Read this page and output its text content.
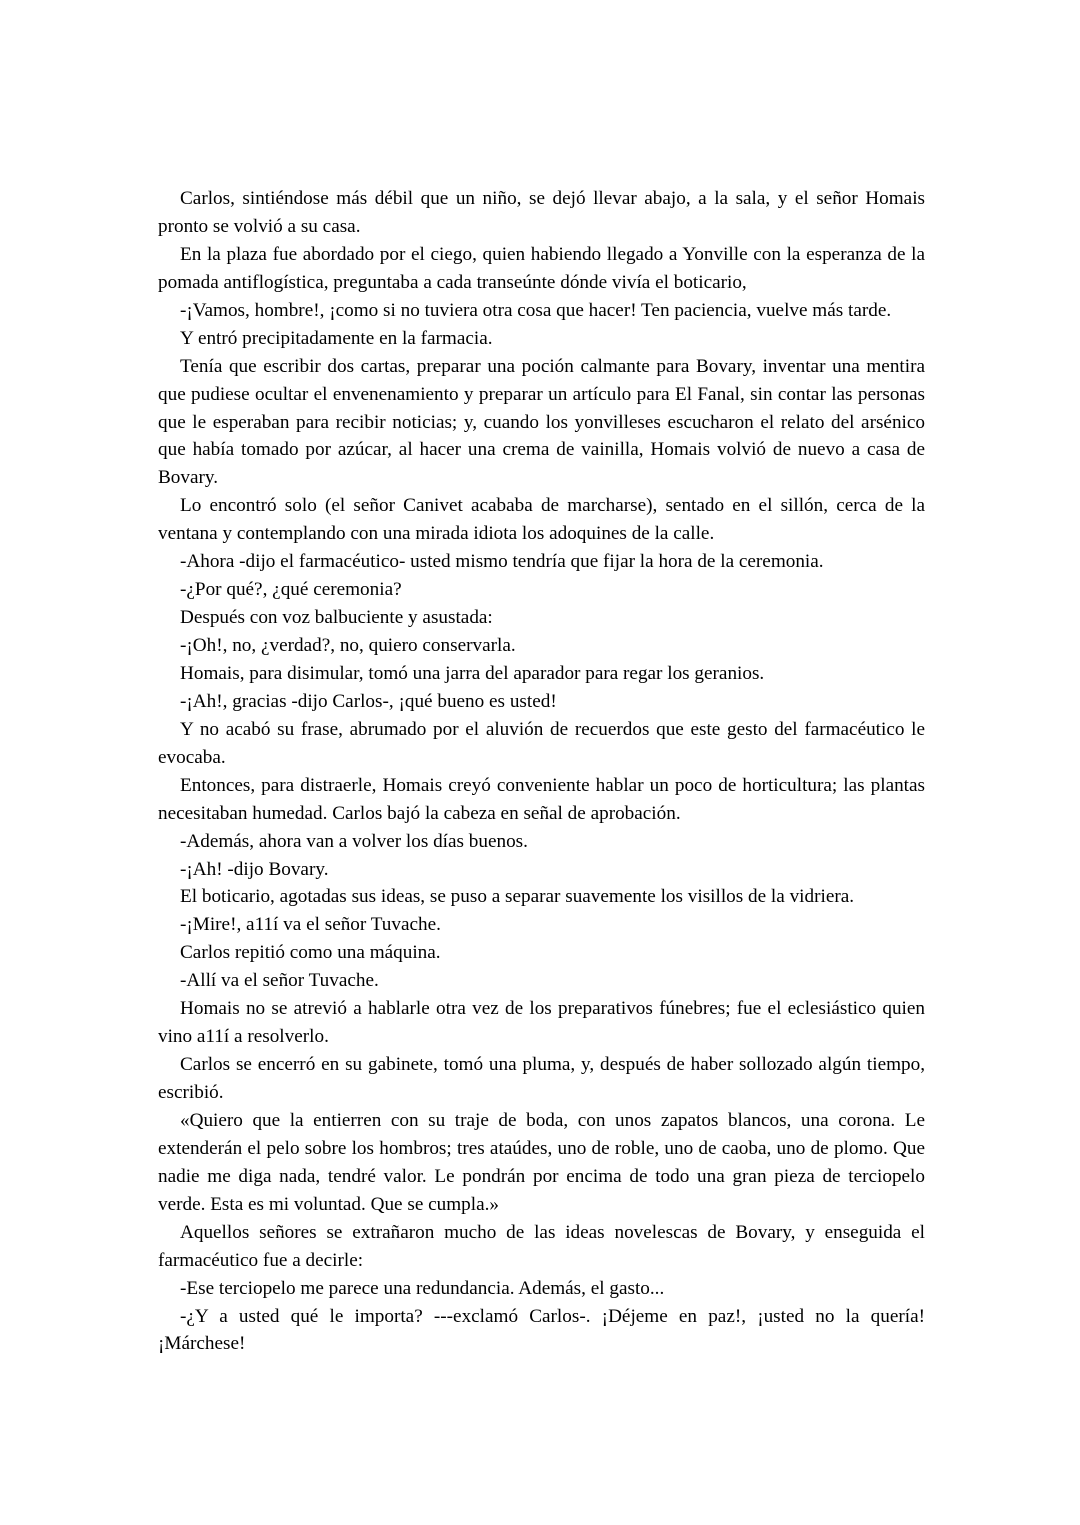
Carlos, sintiéndose más débil que un niño, se dejó llevar abajo, a la sala, y el señor Homais pronto se volvió a su casa.

En la plaza fue abordado por el ciego, quien habiendo llegado a Yonville con la esperanza de la pomada antiflogística, preguntaba a cada transeúnte dónde vivía el boticario,

-¡Vamos, hombre!, ¡como si no tuviera otra cosa que hacer! Ten paciencia, vuelve más tarde.

Y entró precipitadamente en la farmacia.

Tenía que escribir dos cartas, preparar una poción calmante para Bovary, inventar una mentira que pudiese ocultar el envenenamiento y preparar un artículo para El Fanal, sin contar las personas que le esperaban para recibir noticias; y, cuando los yonvilleses escucharon el relato del arsénico que había tomado por azúcar, al hacer una crema de vainilla, Homais volvió de nuevo a casa de Bovary.

Lo encontró solo (el señor Canivet acababa de marcharse), sentado en el sillón, cerca de la ventana y contemplando con una mirada idiota los adoquines de la calle.

-Ahora -dijo el farmacéutico- usted mismo tendría que fijar la hora de la ceremonia.

-¿Por qué?, ¿qué ceremonia?

Después con voz balbuciente y asustada:

-¡Oh!, no, ¿verdad?, no, quiero conservarla.

Homais, para disimular, tomó una jarra del aparador para regar los geranios.

-¡Ah!, gracias -dijo Carlos-, ¡qué bueno es usted!

Y no acabó su frase, abrumado por el aluvión de recuerdos que este gesto del farmacéutico le evocaba.

Entonces, para distraerle, Homais creyó conveniente hablar un poco de horticultura; las plantas necesitaban humedad. Carlos bajó la cabeza en señal de aprobación.

-Además, ahora van a volver los días buenos.

-¡Ah! -dijo Bovary.

El boticario, agotadas sus ideas, se puso a separar suavemente los visillos de la vidriera.

-¡Mire!, a11í va el señor Tuvache.

Carlos repitió como una máquina.

-Allí va el señor Tuvache.

Homais no se atrevió a hablarle otra vez de los preparativos fúnebres; fue el eclesiástico quien vino a11í a resolverlo.

Carlos se encerró en su gabinete, tomó una pluma, y, después de haber sollozado algún tiempo, escribió.

«Quiero que la entierren con su traje de boda, con unos zapatos blancos, una corona. Le extenderán el pelo sobre los hombros; tres ataúdes, uno de roble, uno de caoba, uno de plomo. Que nadie me diga nada, tendré valor. Le pondrán por encima de todo una gran pieza de terciopelo verde. Esta es mi voluntad. Que se cumpla.»

Aquellos señores se extrañaron mucho de las ideas novelescas de Bovary, y enseguida el farmacéutico fue a decirle:

-Ese terciopelo me parece una redundancia. Además, el gasto...

-¿Y a usted qué le importa? ---exclamó Carlos-. ¡Déjeme en paz!, ¡usted no la quería! ¡Márchese!
